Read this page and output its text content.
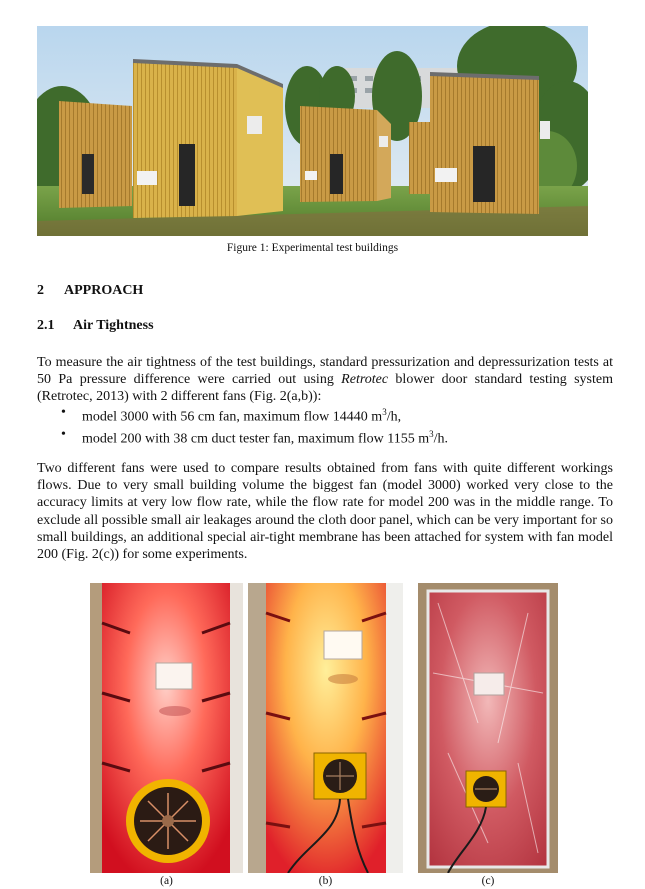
Figure 1: Experimental test buildings
2 APPROACH
2.1 Air Tightness
To measure the air tightness of the test buildings, standard pressurization and depressurization tests at 50 Pa pressure difference were carried out using Retrotec blower door standard testing system (Retrotec, 2013) with 2 different fans (Fig. 2(a,b)):
• model 3000 with 56 cm fan, maximum flow 14440 $m^3/h$,
• model 200 with 38 cm duct tester fan, maximum flow 1155 $m^3/h$.
Two different fans were used to compare results obtained from fans with quite different workings flows. Due to very small building volume the biggest fan (model 3000) worked very close to the accuracy limits at very low flow rate, while the flow rate for model 200 was in the middle range. To exclude all possible small air leakages around the cloth door panel, which can be very important for so small buildings, an additional special air-tight membrane has been attached for system with fan model 200 (Fig. 2(c)) for some experiments.
(a)	(b)	(c)
